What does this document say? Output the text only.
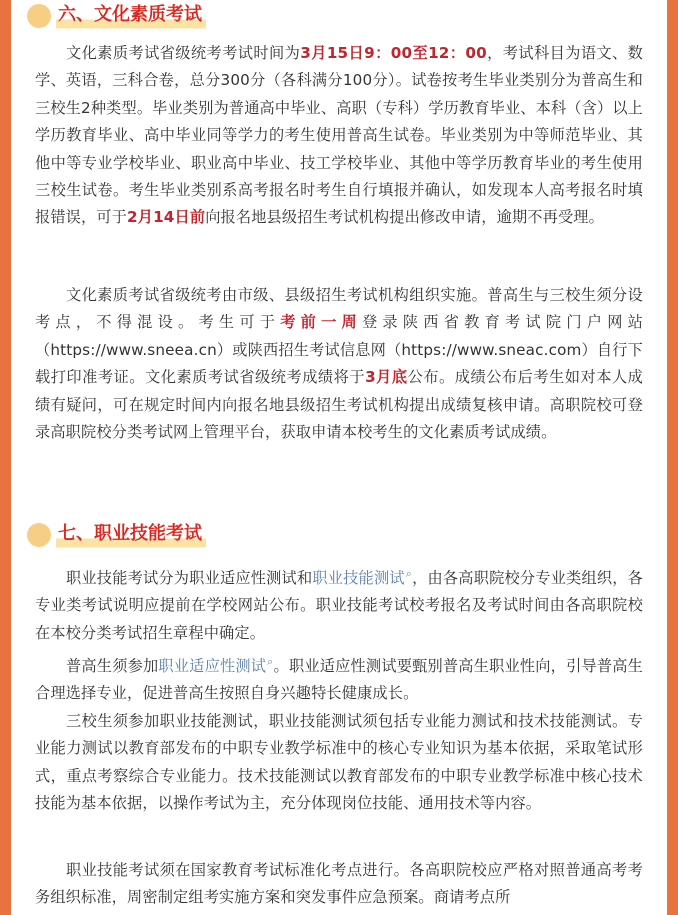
六、文化素质考试
文化素质考试省级统考考试时间为3月15日9：00至12：00，考试科目为语文、数学、英语，三科合卷，总分300分（各科满分100分）。试卷按考生毕业类别分为普高生和三校生2种类型。毕业类别为普通高中毕业、高职（专科）学历教育毕业、本科（含）以上学历教育毕业、高中毕业同等学力的考生使用普高生试卷。毕业类别为中等师范毕业、其他中等专业学校毕业、职业高中毕业、技工学校毕业、其他中等学历教育毕业的考生使用三校生试卷。考生毕业类别系高考报名时考生自行填报并确认，如发现本人高考报名时填报错误，可于2月14日前向报名地县级招生考试机构提出修改申请，逾期不再受理。
文化素质考试省级统考由市级、县级招生考试机构组织实施。普高生与三校生须分设考点，不得混设。考生可于考前一周登录陕西省教育考试院门户网站（https://www.sneea.cn）或陕西招生考试信息网（https://www.sneac.com）自行下载打印准考证。文化素质考试省级统考成绩将于3月底公布。成绩公布后考生如对本人成绩有疑问，可在规定时间内向报名地县级招生考试机构提出成绩复核申请。高职院校可登录高职院校分类考试网上管理平台，获取申请本校考生的文化素质考试成绩。
七、职业技能考试
职业技能考试分为职业适应性测试和职业技能测试⌕，由各高职院校分专业类组织，各专业类考试说明应提前在学校网站公布。职业技能考试校考报名及考试时间由各高职院校在本校分类考试招生章程中确定。
普高生须参加职业适应性测试⌕。职业适应性测试要甄别普高生职业性向，引导普高生合理选择专业，促进普高生按照自身兴趣特长健康成长。
三校生须参加职业技能测试，职业技能测试须包括专业能力测试和技术技能测试。专业能力测试以教育部发布的中职专业教学标准中的核心专业知识为基本依据，采取笔试形式，重点考察综合专业能力。技术技能测试以教育部发布的中职专业教学标准中核心技术技能为基本依据，以操作考试为主，充分体现岗位技能、通用技术等内容。
职业技能考试须在国家教育考试标准化考点进行。各高职院校应严格对照普通高考考务组织标准，周密制定组考实施方案和突发事件应急预案。商请考点所
